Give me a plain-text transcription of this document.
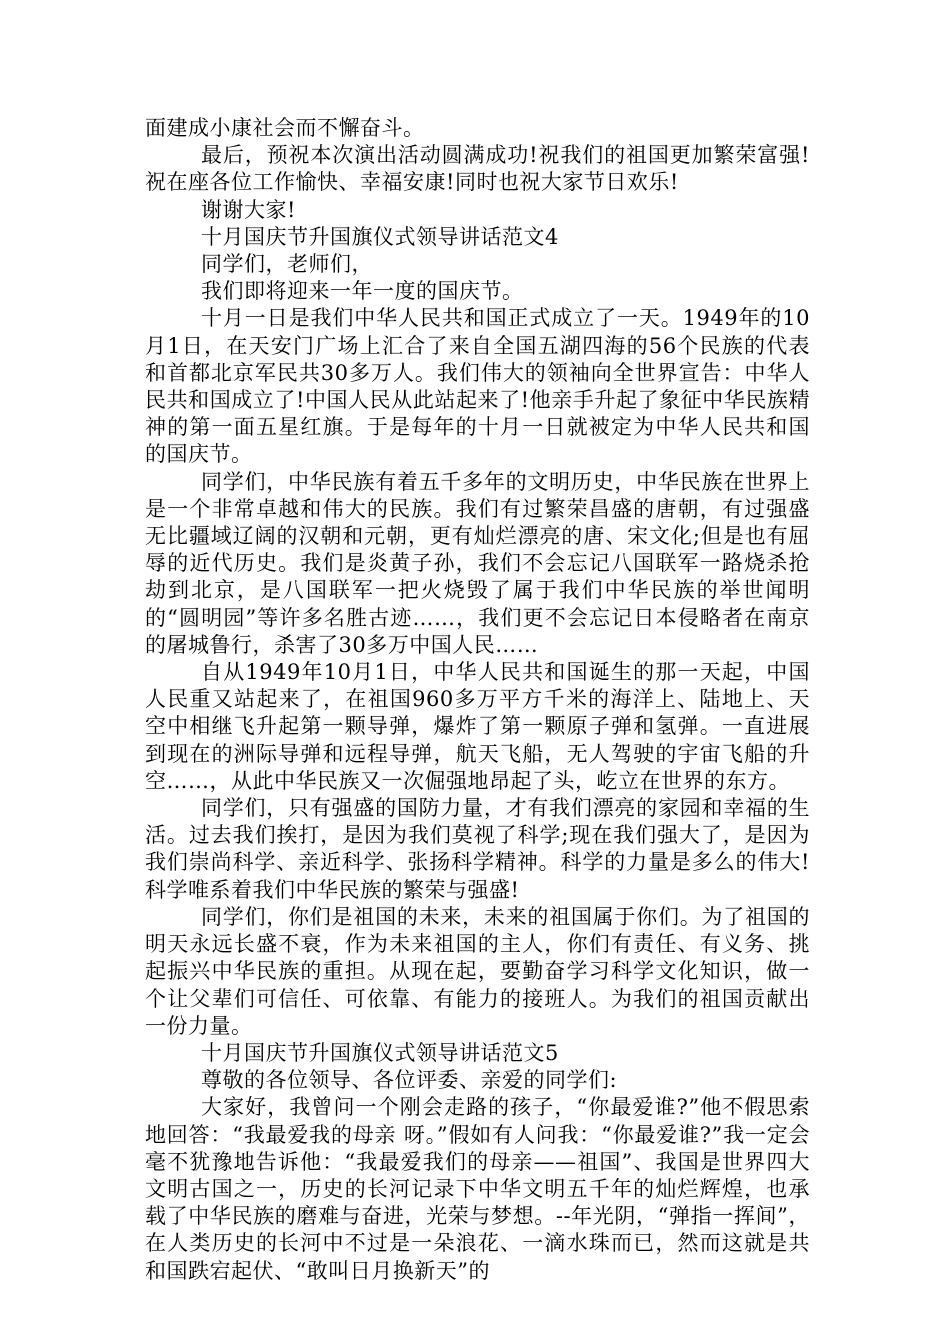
面建成小康社会而不懈奋斗。

最后，预祝本次演出活动圆满成功!祝我们的祖国更加繁荣富强!祝在座各位工作愉快、幸福安康!同时也祝大家节日欢乐!

谢谢大家!

十月国庆节升国旗仪式领导讲话范文4

同学们，老师们，

我们即将迎来一年一度的国庆节。

十月一日是我们中华人民共和国正式成立了一天。1949年的10月1日，在天安门广场上汇合了来自全国五湖四海的56个民族的代表和首都北京军民共30多万人。我们伟大的领袖向全世界宣告：中华人民共和国成立了!中国人民从此站起来了!他亲手升起了象征中华民族精神的第一面五星红旗。于是每年的十月一日就被定为中华人民共和国的国庆节。

同学们，中华民族有着五千多年的文明历史，中华民族在世界上是一个非常卓越和伟大的民族。我们有过繁荣昌盛的唐朝，有过强盛无比疆域辽阔的汉朝和元朝，更有灿烂漂亮的唐、宋文化;但是也有屈辱的近代历史。我们是炎黄子孙，我们不会忘记八国联军一路烧杀抢劫到北京，是八国联军一把火烧毁了属于我们中华民族的举世闻明的“圆明园”等许多名胜古迹……，我们更不会忘记日本侵略者在南京的屠城鲁行，杀害了30多万中国人民……

自从1949年10月1日，中华人民共和国诞生的那一天起，中国人民重又站起来了，在祖国960多万平方千米的海洋上、陆地上、天空中相继飞升起第一颗导弹，爆炸了第一颗原子弹和氢弹。一直进展到现在的洲际导弹和远程导弹，航天飞船，无人驾驶的宇宙飞船的升空……，从此中华民族又一次倔强地昂起了头，屹立在世界的东方。

同学们，只有强盛的国防力量，才有我们漂亮的家园和幸福的生活。过去我们挨打，是因为我们莫视了科学;现在我们强大了，是因为我们崇尚科学、亲近科学、张扬科学精神。科学的力量是多么的伟大!科学唯系着我们中华民族的繁荣与强盛!

同学们，你们是祖国的未来，未来的祖国属于你们。为了祖国的明天永远长盛不衰，作为未来祖国的主人，你们有责任、有义务、挑起振兴中华民族的重担。从现在起，要勤奋学习科学文化知识，做一个让父辈们可信任、可依靠、有能力的接班人。为我们的祖国贡献出一份力量。

十月国庆节升国旗仪式领导讲话范文5

尊敬的各位领导、各位评委、亲爱的同学们:

大家好，我曾问一个刚会走路的孩子，“你最爱谁?”他不假思索地回答：“我最爱我的母亲 呀。”假如有人问我：“你最爱谁?”我一定会毫不犹豫地告诉他：“我最爱我们的母亲——祖国”、我国是世界四大文明古国之一，历史的长河记录下中华文明五千年的灿烂辉煌，也承载了中华民族的磨难与奋进，光荣与梦想。--年光阴，“弹指一挥间”，在人类历史的长河中不过是一朵浪花、一滴水珠而已，然而这就是共和国跌宕起伏、“敢叫日月换新天”的
